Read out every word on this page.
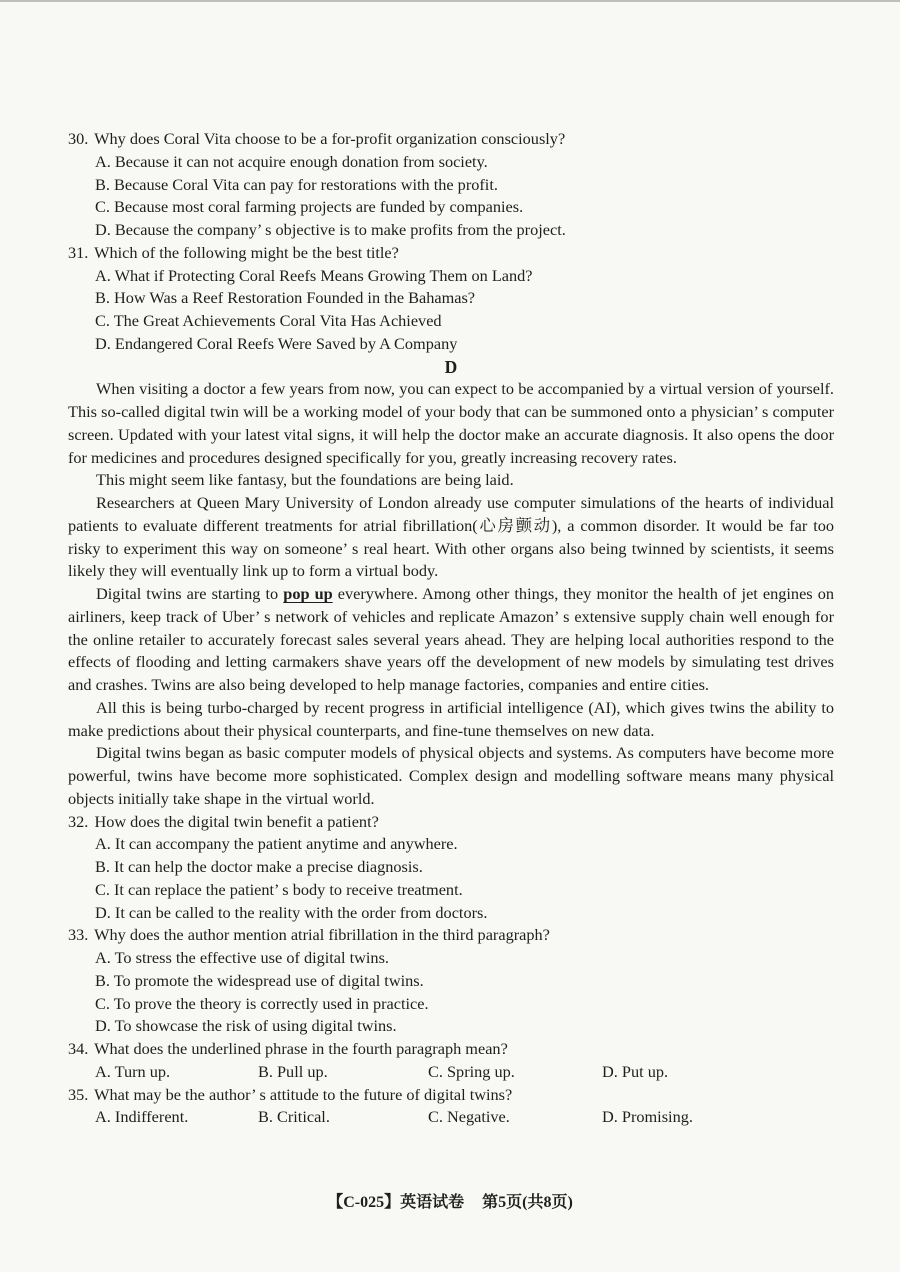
30. Why does Coral Vita choose to be a for-profit organization consciously?

A. Because it can not acquire enough donation from society.

B. Because Coral Vita can pay for restorations with the profit.

C. Because most coral farming projects are funded by companies.

D. Because the company’ s objective is to make profits from the project.

31. Which of the following might be the best title?

A. What if Protecting Coral Reefs Means Growing Them on Land?

B. How Was a Reef Restoration Founded in the Bahamas?

C. The Great Achievements Coral Vita Has Achieved

D. Endangered Coral Reefs Were Saved by A Company

D

When visiting a doctor a few years from now, you can expect to be accompanied by a virtual version of yourself. This so-called digital twin will be a working model of your body that can be summoned onto a physician’ s computer screen. Updated with your latest vital signs, it will help the doctor make an accurate diagnosis. It also opens the door for medicines and procedures designed specifically for you, greatly increasing recovery rates.

This might seem like fantasy, but the foundations are being laid.

Researchers at Queen Mary University of London already use computer simulations of the hearts of individual patients to evaluate different treatments for atrial fibrillation(心房颤动), a common disorder. It would be far too risky to experiment this way on someone’ s real heart. With other organs also being twinned by scientists, it seems likely they will eventually link up to form a virtual body.

Digital twins are starting to pop up everywhere. Among other things, they monitor the health of jet engines on airliners, keep track of Uber’ s network of vehicles and replicate Amazon’ s extensive supply chain well enough for the online retailer to accurately forecast sales several years ahead. They are helping local authorities respond to the effects of flooding and letting carmakers shave years off the development of new models by simulating test drives and crashes. Twins are also being developed to help manage factories, companies and entire cities.

All this is being turbo-charged by recent progress in artificial intelligence (AI), which gives twins the ability to make predictions about their physical counterparts, and fine-tune themselves on new data.

Digital twins began as basic computer models of physical objects and systems. As computers have become more powerful, twins have become more sophisticated. Complex design and modelling software means many physical objects initially take shape in the virtual world.

32. How does the digital twin benefit a patient?

A. It can accompany the patient anytime and anywhere.

B. It can help the doctor make a precise diagnosis.

C. It can replace the patient’ s body to receive treatment.

D. It can be called to the reality with the order from doctors.

33. Why does the author mention atrial fibrillation in the third paragraph?

A. To stress the effective use of digital twins.

B. To promote the widespread use of digital twins.

C. To prove the theory is correctly used in practice.

D. To showcase the risk of using digital twins.

34. What does the underlined phrase in the fourth paragraph mean?

A. Turn up.	B. Pull up.	C. Spring up.	D. Put up.

35. What may be the author’ s attitude to the future of digital twins?

A. Indifferent.	B. Critical.	C. Negative.	D. Promising.
【C-025】英语试卷 第5页(共8页)
